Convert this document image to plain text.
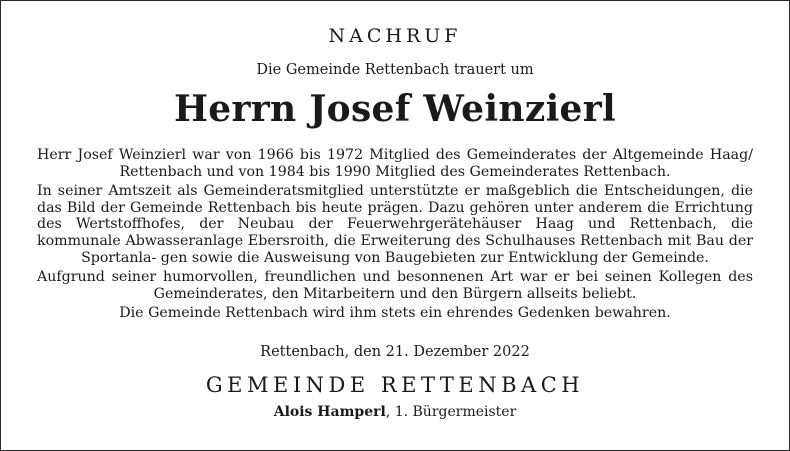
NACHRUF
Die Gemeinde Rettenbach trauert um
Herrn Josef Weinzierl

Herr Josef Weinzierl war von 1966 bis 1972 Mitglied des Gemeinderates der Altgemeinde Haag/ Rettenbach und von 1984 bis 1990 Mitglied des Gemeinderates Rettenbach.

In seiner Amtszeit als Gemeinderatsmitglied unterstützte er maßgeblich die Entscheidungen, die das Bild der Gemeinde Rettenbach bis heute prägen. Dazu gehören unter anderem die Errichtung des Wertstoffhofes, der Neubau der Feuerwehrgerätehäuser Haag und Rettenbach, die kommunale Abwasseranlage Ebersroith, die Erweiterung des Schulhauses Rettenbach mit Bau der Sportanla- gen sowie die Ausweisung von Baugebieten zur Entwicklung der Gemeinde.

Aufgrund seiner humorvollen, freundlichen und besonnenen Art war er bei seinen Kollegen des Gemeinderates, den Mitarbeitern und den Bürgern allseits beliebt.

Die Gemeinde Rettenbach wird ihm stets ein ehrendes Gedenken bewahren.

Rettenbach, den 21. Dezember 2022
GEMEINDE RETTENBACH
Alois Hamperl, 1. Bürgermeister
